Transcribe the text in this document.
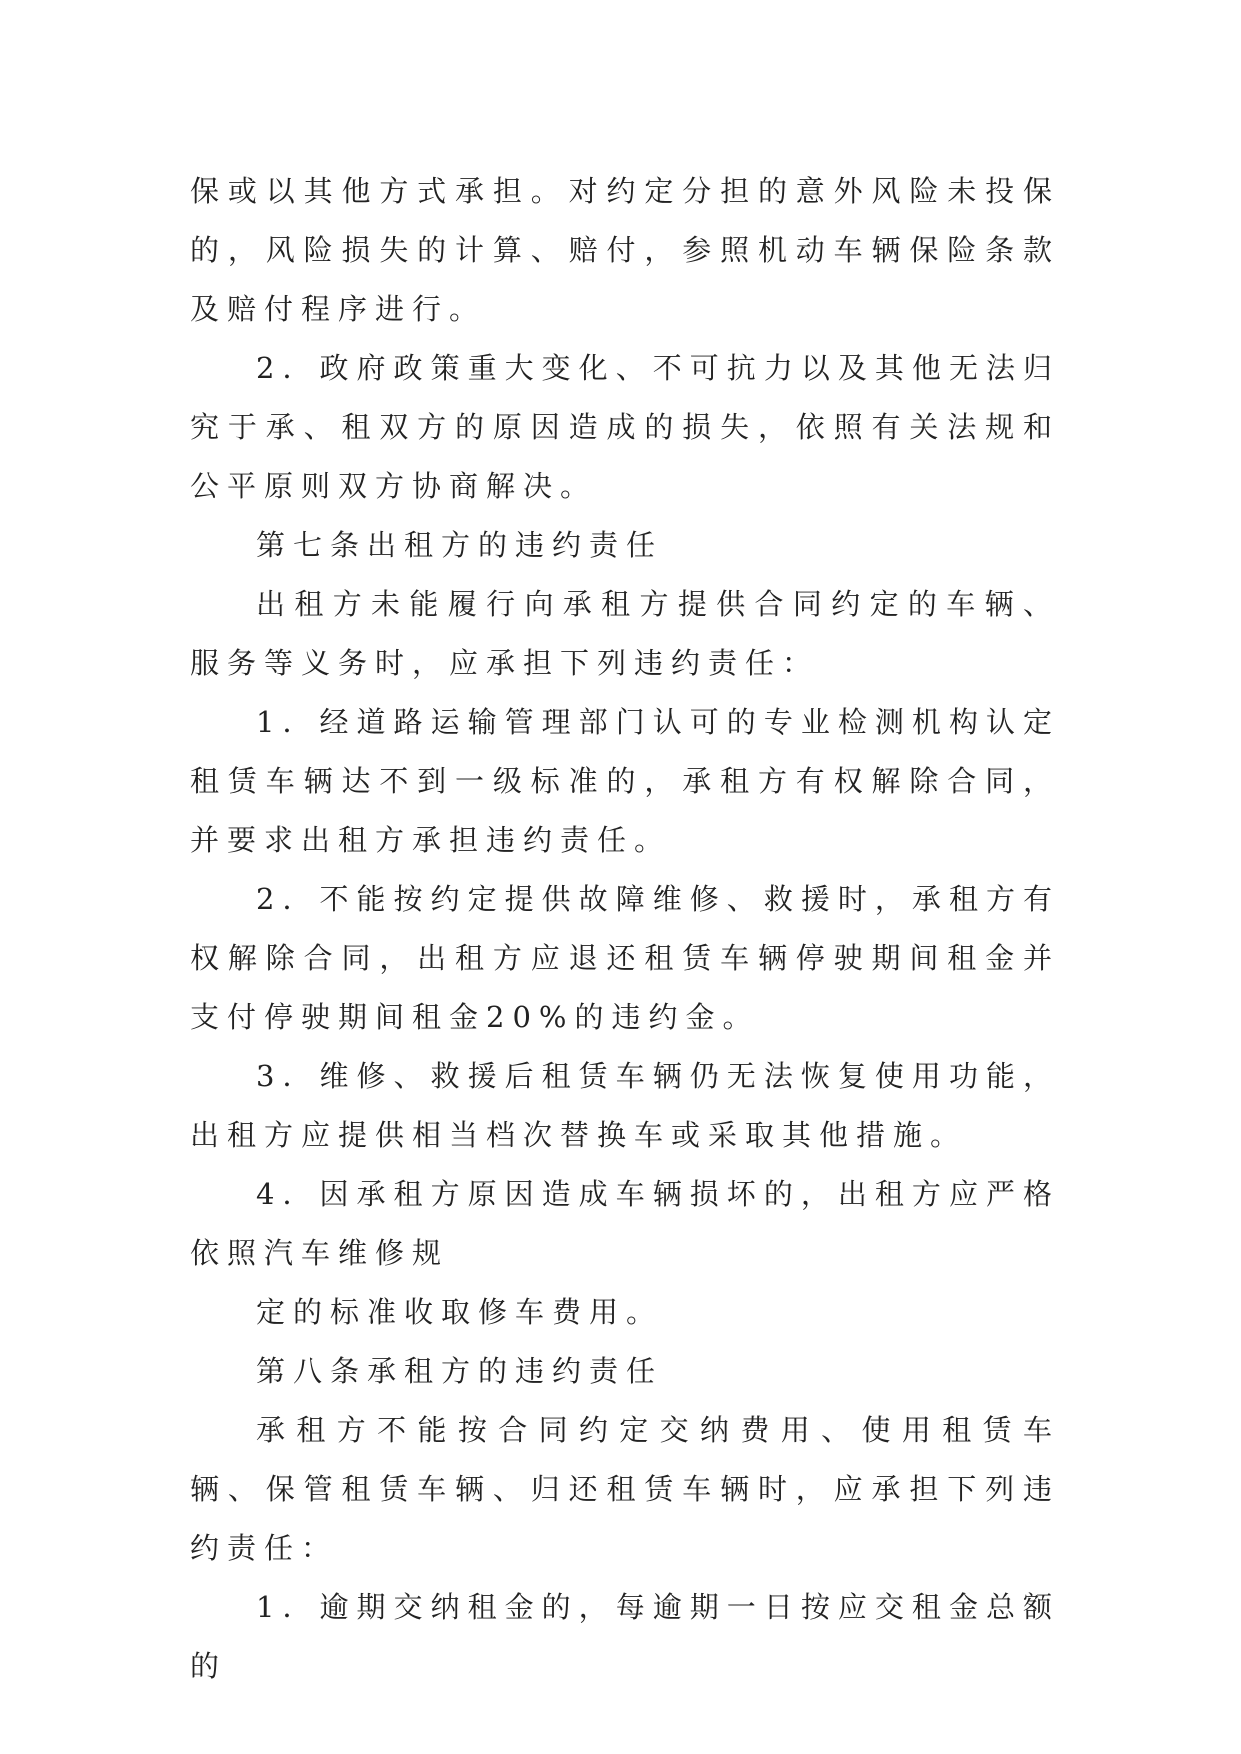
保或以其他方式承担。对约定分担的意外风险未投保的，风险损失的计算、赔付，参照机动车辆保险条款及赔付程序进行。

2．政府政策重大变化、不可抗力以及其他无法归究于承、租双方的原因造成的损失，依照有关法规和公平原则双方协商解决。

第七条出租方的违约责任

出租方未能履行向承租方提供合同约定的车辆、服务等义务时，应承担下列违约责任：

1．经道路运输管理部门认可的专业检测机构认定租赁车辆达不到一级标准的，承租方有权解除合同，并要求出租方承担违约责任。

2．不能按约定提供故障维修、救援时，承租方有权解除合同，出租方应退还租赁车辆停驶期间租金并支付停驶期间租金20%的违约金。

3．维修、救援后租赁车辆仍无法恢复使用功能，出租方应提供相当档次替换车或采取其他措施。

4．因承租方原因造成车辆损坏的，出租方应严格依照汽车维修规

定的标准收取修车费用。

第八条承租方的违约责任

承租方不能按合同约定交纳费用、使用租赁车辆、保管租赁车辆、归还租赁车辆时，应承担下列违约责任：

1．逾期交纳租金的，每逾期一日按应交租金总额的
